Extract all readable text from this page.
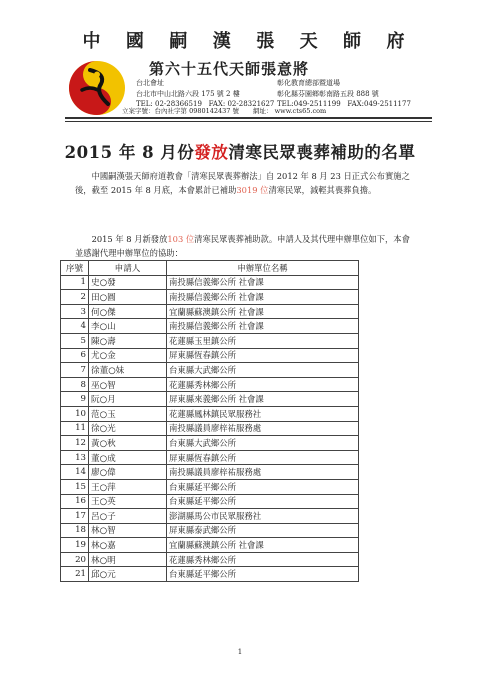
中 國 嗣 漢 張 天 師 府
第六十五代天師張意將
台北會址
台北市中山北路六段 175 號 2 樓
TEL: 02-28366519 FAX: 02-28321627
彰化教育總部暨道場
彰化縣芬園鄉彰南路五段 888 號
TEL:049-2511199 FAX:049-2511177
立案字號：台內社字第 0980142437 號 網址： www.cts65.com
2015 年 8 月份發放清寒民眾喪葬補助的名單
  中國嗣漢張天師府道教會「清寒民眾喪葬辦法」自 2012 年 8 月 23 日正式公布實施之後，截至 2015 年 8 月底，本會累計已補助3019 位清寒民眾，減輕其喪葬負擔。
  2015 年 8 月新發放103 位清寒民眾喪葬補助款。申請人及其代理申辦單位如下，本會並感謝代理申辦單位的協助：
序號	申請人	申辦單位名稱
1	史○發	南投縣信義鄉公所 社會課
2	田○圓	南投縣信義鄉公所 社會課
3	何○傑	宜蘭縣蘇澳鎮公所 社會課
4	李○山	南投縣信義鄉公所 社會課
5	陳○壽	花蓮縣玉里鎮公所
6	尤○金	屏東縣恆春鎮公所
7	徐董○妹	台東縣大武鄉公所
8	巫○智	花蓮縣秀林鄉公所
9	阮○月	屏東縣來義鄉公所 社會課
10	范○玉	花蓮縣鳳林鎮民眾服務社
11	徐○光	南投縣議員廖梓祐服務處
12	黃○秋	台東縣大武鄉公所
13	董○成	屏東縣恆春鎮公所
14	廖○偉	南投縣議員廖梓祐服務處
15	王○萍	台東縣延平鄉公所
16	王○英	台東縣延平鄉公所
17	呂○子	澎湖縣馬公市民眾服務社
18	林○智	屏東縣泰武鄉公所
19	林○嘉	宜蘭縣蘇澳鎮公所 社會課
20	林○明	花蓮縣秀林鄉公所
21	邱○元	台東縣延平鄉公所
1
